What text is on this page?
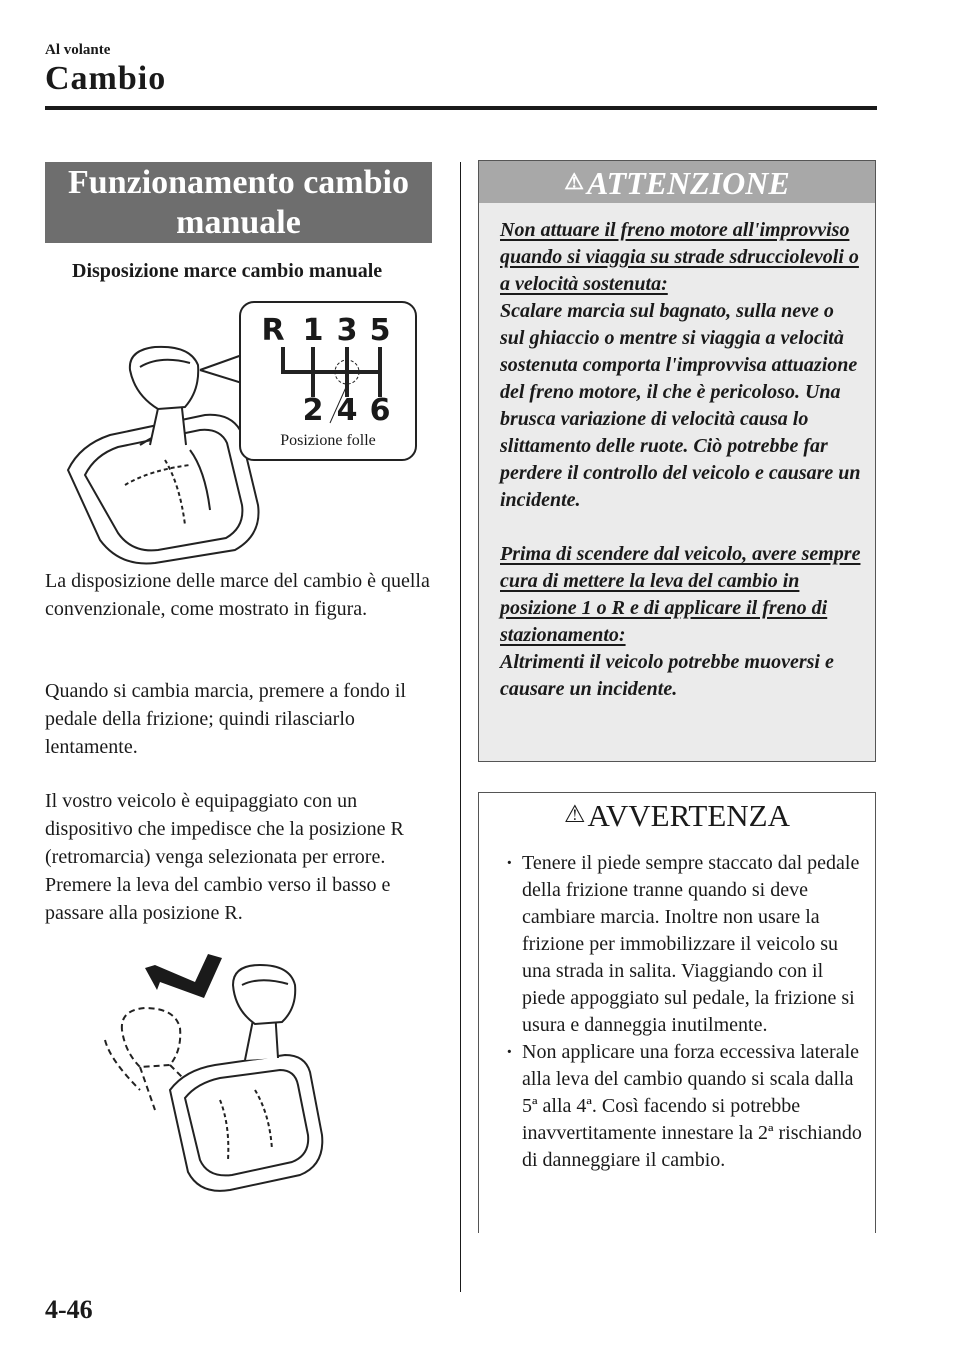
Al volante
Cambio
Funzionamento cambio
manuale
Disposizione marce cambio manuale
R 1 3 5
2 4 6
Posizione folle

La disposizione delle marce del cambio è quella convenzionale, come mostrato in figura.

Quando si cambia marcia, premere a fondo il pedale della frizione; quindi rilasciarlo lentamente.

Il vostro veicolo è equipaggiato con un dispositivo che impedisce che la posizione R (retromarcia) venga selezionata per errore. Premere la leva del cambio verso il basso e passare alla posizione R.

⚠ATTENZIONE

Non attuare il freno motore all'improvviso quando si viaggia su strade sdrucciolevoli o a velocità sostenuta:

Scalare marcia sul bagnato, sulla neve o sul ghiaccio o mentre si viaggia a velocità sostenuta comporta l'improvvisa attuazione del freno motore, il che è pericoloso. Una brusca variazione di velocità causa lo slittamento delle ruote. Ciò potrebbe far perdere il controllo del veicolo e causare un incidente.

Prima di scendere dal veicolo, avere sempre cura di mettere la leva del cambio in posizione 1 o R e di applicare il freno di stazionamento:

Altrimenti il veicolo potrebbe muoversi e causare un incidente.

⚠AVVERTENZA
· Tenere il piede sempre staccato dal pedale della frizione tranne quando si deve cambiare marcia. Inoltre non usare la frizione per immobilizzare il veicolo su una strada in salita. Viaggiando con il piede appoggiato sul pedale, la frizione si usura e danneggia inutilmente.
· Non applicare una forza eccessiva laterale alla leva del cambio quando si scala dalla 5ª alla 4ª. Così facendo si potrebbe inavvertitamente innestare la 2ª rischiando di danneggiare il cambio.
4-46
